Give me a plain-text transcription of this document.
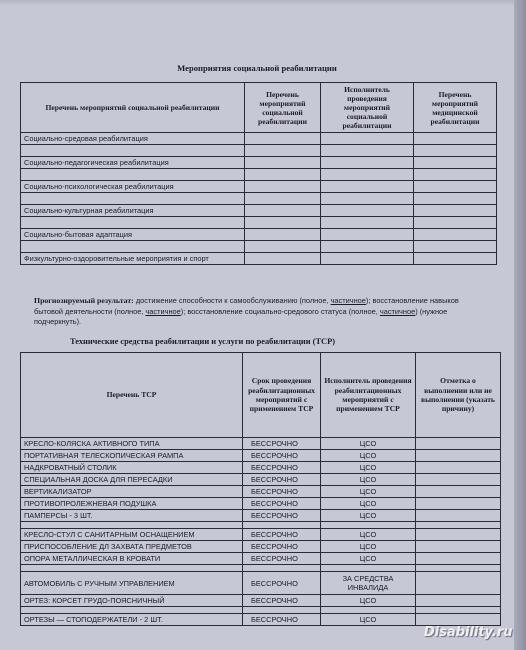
Мероприятия социальной реабилитации
Перечень мероприятий социальной реабилитации	Перечень мероприятий социальной реабилитации	Исполнитель проведения мероприятий социальной реабилитации	Перечень мероприятий медицинской реабилитации
Социально-средовая реабилитация			

Социально-педагогическая реабилитация			

Социально-психологическая реабилитация			

Социально-культурная реабилитация			

Социально-бытовая адаптация			

Физкультурно-оздоровительные мероприятия и спорт			
Прогнозируемый результат: достижение способности к самообслуживанию (полное, частичное); восстановление навыков бытовой деятельности (полное, частичное); восстановление социально-средового статуса (полное, частичное) (нужное подчеркнуть).
Технические средства реабилитации и услуги по реабилитации (ТСР)
Перечень ТСР	Срок проведения реабилитационных мероприятий с применением ТСР	Исполнитель проведения реабилитационных мероприятий с применением ТСР	Отметка о выполнении или не выполнении (указать причину)
КРЕСЛО-КОЛЯСКА АКТИВНОГО ТИПА	БЕССРОЧНО	ЦСО	
ПОРТАТИВНАЯ ТЕЛЕСКОПИЧЕСКАЯ РАМПА	БЕССРОЧНО	ЦСО	
НАДКРОВАТНЫЙ СТОЛИК	БЕССРОЧНО	ЦСО	
СПЕЦИАЛЬНАЯ ДОСКА ДЛЯ ПЕРЕСАДКИ	БЕССРОЧНО	ЦСО	
ВЕРТИКАЛИЗАТОР	БЕССРОЧНО	ЦСО	
ПРОТИВОПРОЛЕЖНЕВАЯ ПОДУШКА	БЕССРОЧНО	ЦСО	
ПАМПЕРСЫ - 3 ШТ.	БЕССРОЧНО	ЦСО	

КРЕСЛО-СТУЛ С САНИТАРНЫМ ОСНАЩЕНИЕМ	БЕССРОЧНО	ЦСО	
ПРИСПОСОБЛЕНИЕ ДЛ ЗАХВАТА ПРЕДМЕТОВ	БЕССРОЧНО	ЦСО	
ОПОРА МЕТАЛЛИЧЕСКАЯ В КРОВАТИ	БЕССРОЧНО	ЦСО	

АВТОМОБИЛЬ С РУЧНЫМ УПРАВЛЕНИЕМ	БЕССРОЧНО	ЗА СРЕДСТВА ИНВАЛИДА	
ОРТЕЗ: КОРСЕТ ГРУДО-ПОЯСНИЧНЫЙ	БЕССРОЧНО	ЦСО	

ОРТЕЗЫ — СТОПОДЕРЖАТЕЛИ - 2 ШТ.	БЕССРОЧНО	ЦСО	
Disability.ru
